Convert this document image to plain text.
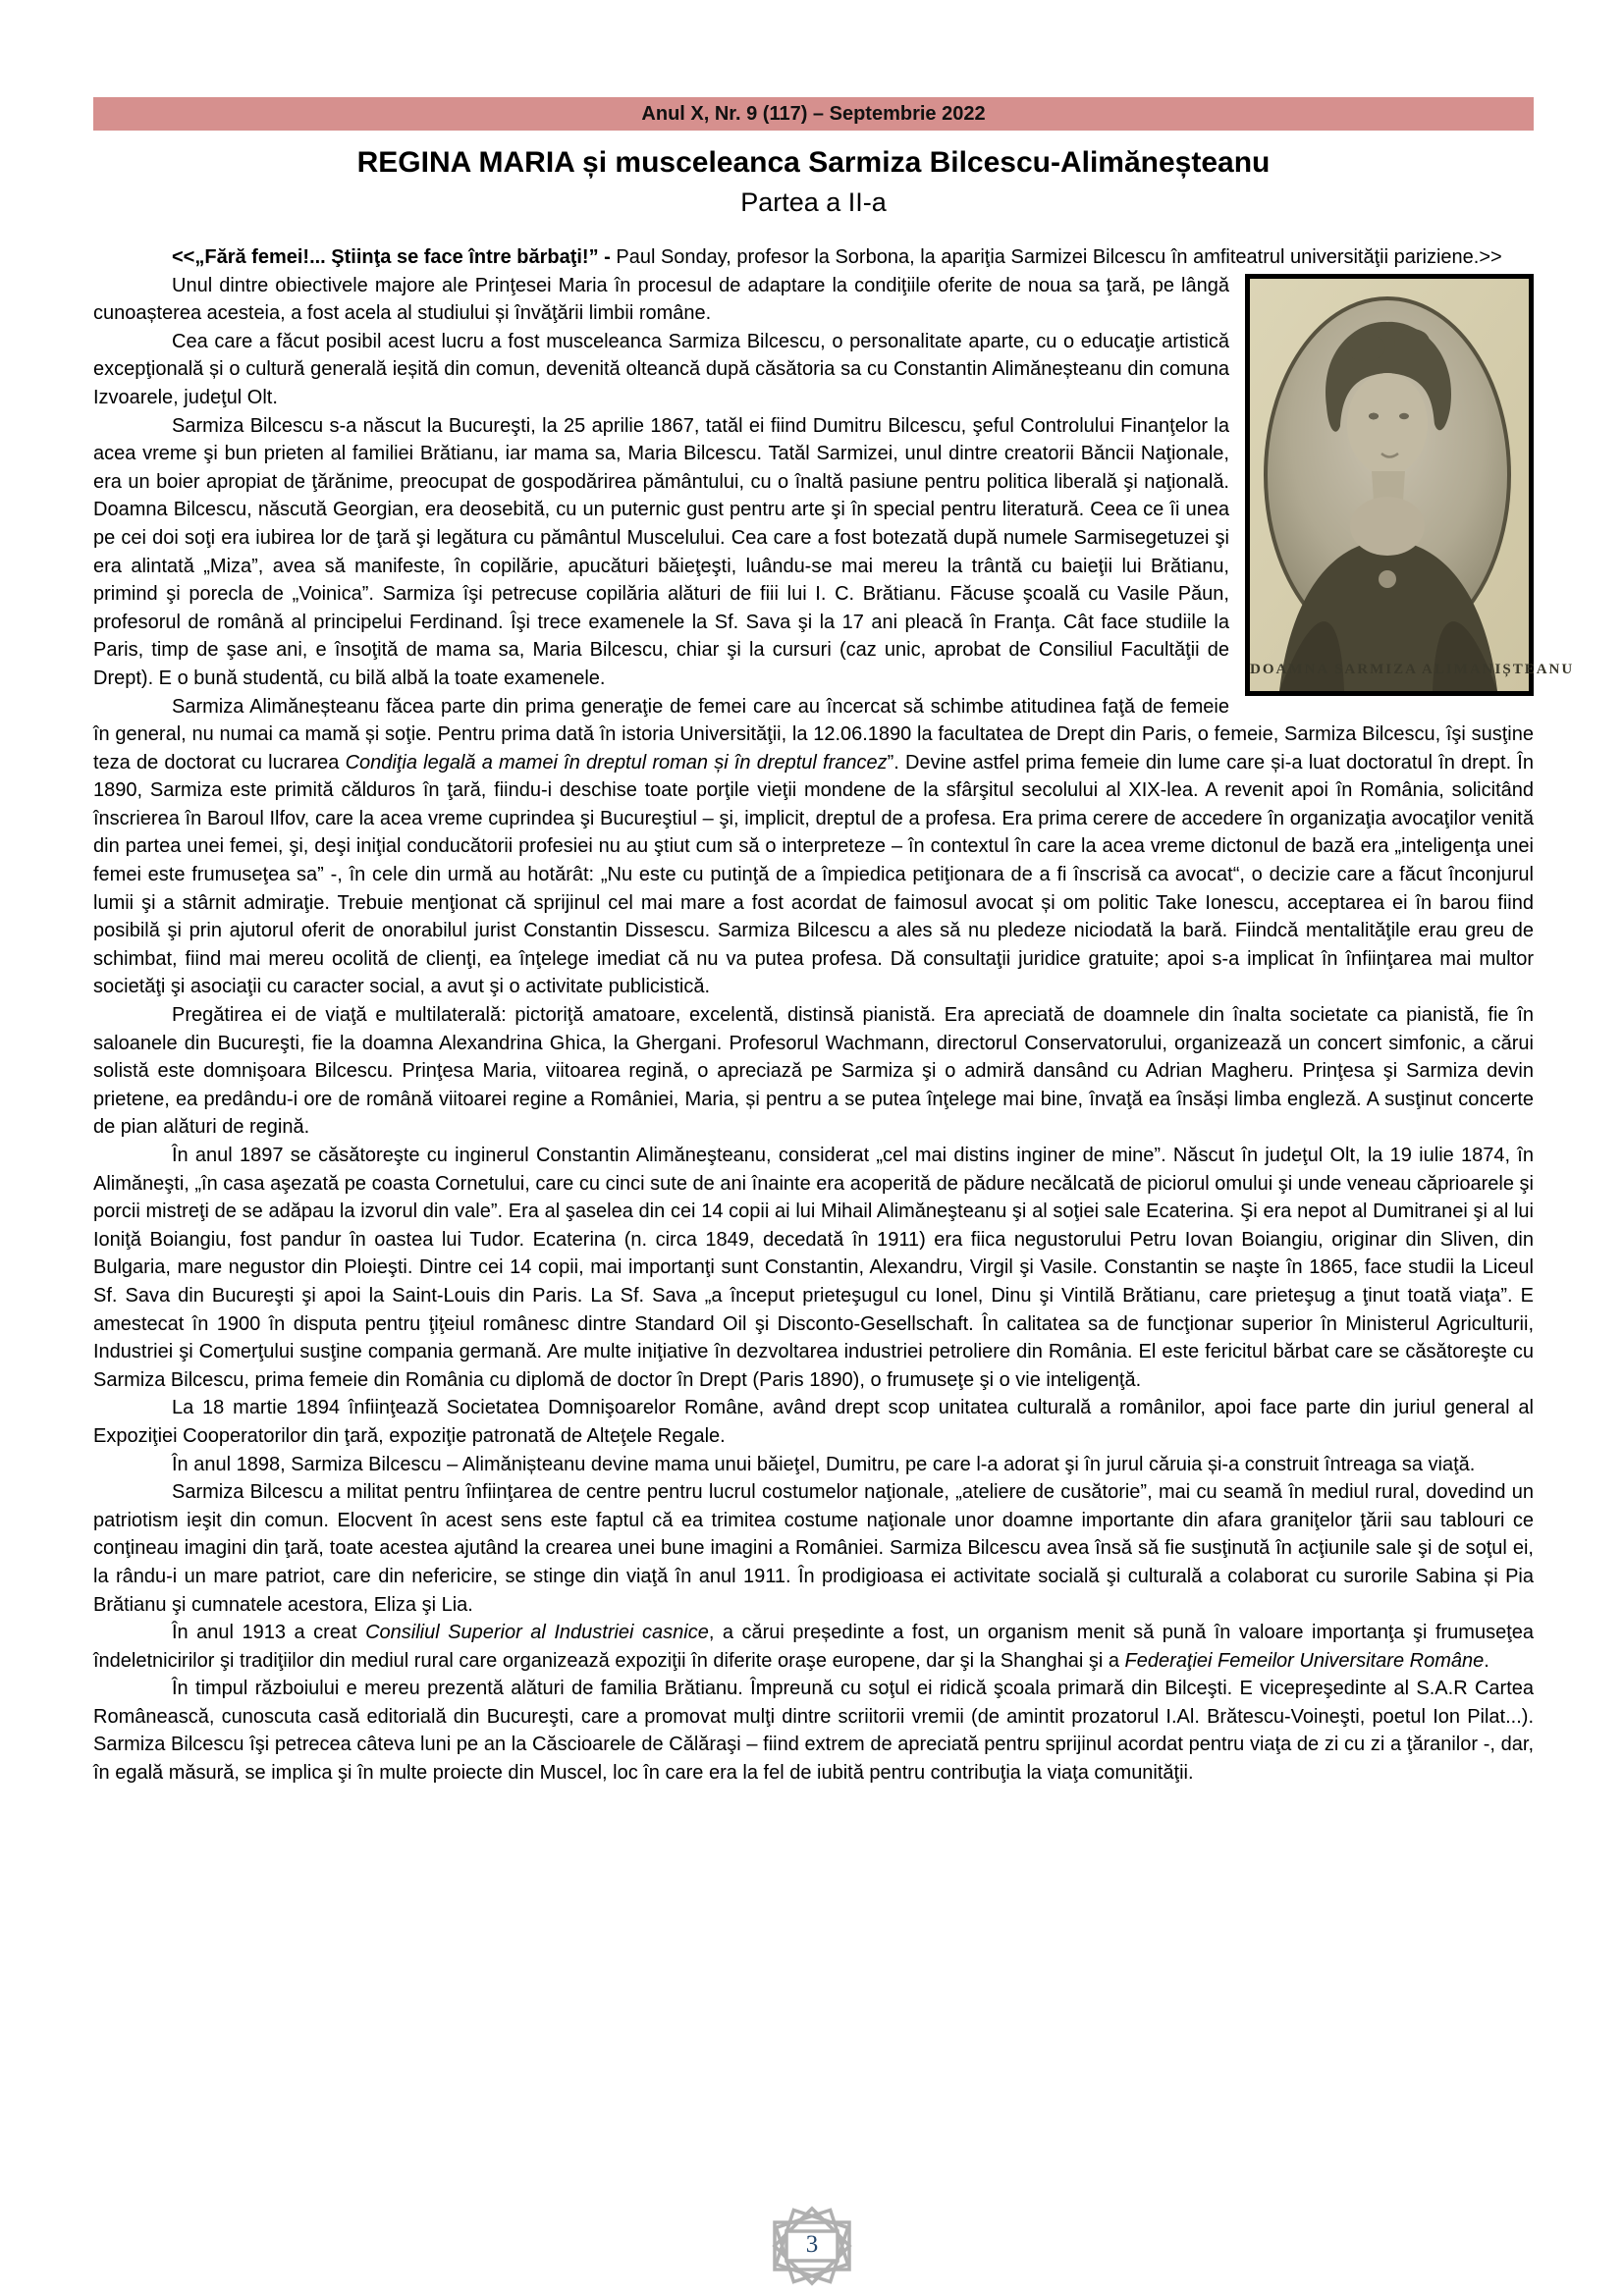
Anul X, Nr. 9 (117) – Septembrie 2022
REGINA MARIA și musceleanca Sarmiza Bilcescu-Alimăneșteanu
Partea a II-a

<<„Fără femei!... Ştiinţa se face între bărbaţi!” - Paul Sonday, profesor la Sorbona, la apariţia Sarmizei Bilcescu în amfiteatrul universităţii pariziene.>>

DOAMNA SARMIZA ALIMANIȘTEANU

Unul dintre obiectivele majore ale Prinţesei Maria în procesul de adaptare la condiţiile oferite de noua sa ţară, pe lângă cunoașterea acesteia, a fost acela al studiului și învăţării limbii române.

Cea care a făcut posibil acest lucru a fost musceleanca Sarmiza Bilcescu, o personalitate aparte, cu o educaţie artistică excepţională și o cultură generală ieșită din comun, devenită olteancă după căsătoria sa cu Constantin Alimăneșteanu din comuna Izvoarele, judeţul Olt.

Sarmiza Bilcescu s-a născut la Bucureşti, la 25 aprilie 1867, tatăl ei fiind Dumitru Bilcescu, şeful Controlului Finanţelor la acea vreme şi bun prieten al familiei Brătianu, iar mama sa, Maria Bilcescu. Tatăl Sarmizei, unul dintre creatorii Băncii Naţionale, era un boier apropiat de ţărănime, preocupat de gospodărirea pământului, cu o înaltă pasiune pentru politica liberală şi naţională. Doamna Bilcescu, născută Georgian, era deosebită, cu un puternic gust pentru arte şi în special pentru literatură. Ceea ce îi unea pe cei doi soţi era iubirea lor de ţară şi legătura cu pământul Muscelului. Cea care a fost botezată după numele Sarmisegetuzei şi era alintată „Miza”, avea să manifeste, în copilărie, apucături băieţeşti, luându-se mai mereu la trântă cu baieţii lui Brătianu, primind şi porecla de „Voinica”. Sarmiza îşi petrecuse copilăria alături de fiii lui I. C. Brătianu. Făcuse şcoală cu Vasile Păun, profesorul de română al principelui Ferdinand. Îşi trece examenele la Sf. Sava şi la 17 ani pleacă în Franţa. Cât face studiile la Paris, timp de şase ani, e însoţită de mama sa, Maria Bilcescu, chiar şi la cursuri (caz unic, aprobat de Consiliul Facultăţii de Drept). E o bună studentă, cu bilă albă la toate examenele.

Sarmiza Alimăneșteanu făcea parte din prima generaţie de femei care au încercat să schimbe atitudinea faţă de femeie în general, nu numai ca mamă și soţie. Pentru prima dată în istoria Universităţii, la 12.06.1890 la facultatea de Drept din Paris, o femeie, Sarmiza Bilcescu, îşi susţine teza de doctorat cu lucrarea Condiţia legală a mamei în dreptul roman și în dreptul francez”. Devine astfel prima femeie din lume care și-a luat doctoratul în drept. În 1890, Sarmiza este primită călduros în ţară, fiindu-i deschise toate porţile vieţii mondene de la sfârşitul secolului al XIX-lea. A revenit apoi în România, solicitând înscrierea în Baroul Ilfov, care la acea vreme cuprindea şi Bucureştiul – şi, implicit, dreptul de a profesa. Era prima cerere de accedere în organizaţia avocaţilor venită din partea unei femei, şi, deşi iniţial conducătorii profesiei nu au ştiut cum să o interpreteze – în contextul în care la acea vreme dictonul de bază era „inteligenţa unei femei este frumuseţea sa” -, în cele din urmă au hotărât: „Nu este cu putinţă de a împiedica petiţionara de a fi înscrisă ca avocat“, o decizie care a făcut înconjurul lumii şi a stârnit admiraţie. Trebuie menţionat că sprijinul cel mai mare a fost acordat de faimosul avocat și om politic Take Ionescu, acceptarea ei în barou fiind posibilă şi prin ajutorul oferit de onorabilul jurist Constantin Dissescu. Sarmiza Bilcescu a ales să nu pledeze niciodată la bară. Fiindcă mentalităţile erau greu de schimbat, fiind mai mereu ocolită de clienţi, ea înţelege imediat că nu va putea profesa. Dă consultaţii juridice gratuite; apoi s-a implicat în înfiinţarea mai multor societăţi şi asociaţii cu caracter social, a avut şi o activitate publicistică.

Pregătirea ei de viaţă e multilaterală: pictoriţă amatoare, excelentă, distinsă pianistă. Era apreciată de doamnele din înalta societate ca pianistă, fie în saloanele din Bucureşti, fie la doamna Alexandrina Ghica, la Ghergani. Profesorul Wachmann, directorul Conservatorului, organizează un concert simfonic, a cărui solistă este domnişoara Bilcescu. Prinţesa Maria, viitoarea regină, o apreciază pe Sarmiza şi o admiră dansând cu Adrian Magheru. Prinţesa şi Sarmiza devin prietene, ea predându-i ore de română viitoarei regine a României, Maria, și pentru a se putea înţelege mai bine, învaţă ea însăși limba engleză. A susţinut concerte de pian alături de regină.

În anul 1897 se căsătoreşte cu inginerul Constantin Alimăneşteanu, considerat „cel mai distins inginer de mine”. Născut în judeţul Olt, la 19 iulie 1874, în Alimăneşti, „în casa aşezată pe coasta Cornetului, care cu cinci sute de ani înainte era acoperită de pădure necălcată de piciorul omului şi unde veneau căprioarele şi porcii mistreţi de se adăpau la izvorul din vale”. Era al şaselea din cei 14 copii ai lui Mihail Alimăneşteanu şi al soţiei sale Ecaterina. Şi era nepot al Dumitranei şi al lui Ioniţă Boiangiu, fost pandur în oastea lui Tudor. Ecaterina (n. circa 1849, decedată în 1911) era fiica negustorului Petru Iovan Boiangiu, originar din Sliven, din Bulgaria, mare negustor din Ploieşti. Dintre cei 14 copii, mai importanţi sunt Constantin, Alexandru, Virgil şi Vasile. Constantin se naşte în 1865, face studii la Liceul Sf. Sava din Bucureşti şi apoi la Saint-Louis din Paris. La Sf. Sava „a început prieteşugul cu Ionel, Dinu şi Vintilă Brătianu, care prieteşug a ţinut toată viaţa”. E amestecat în 1900 în disputa pentru ţiţeiul românesc dintre Standard Oil şi Disconto-Gesellschaft. În calitatea sa de funcţionar superior în Ministerul Agriculturii, Industriei şi Comerţului susţine compania germană. Are multe iniţiative în dezvoltarea industriei petroliere din România. El este fericitul bărbat care se căsătoreşte cu Sarmiza Bilcescu, prima femeie din România cu diplomă de doctor în Drept (Paris 1890), o frumuseţe şi o vie inteligenţă.

La 18 martie 1894 înfiinţează Societatea Domnişoarelor Române, având drept scop unitatea culturală a românilor, apoi face parte din juriul general al Expoziţiei Cooperatorilor din ţară, expoziţie patronată de Alteţele Regale.

În anul 1898, Sarmiza Bilcescu – Alimănișteanu devine mama unui băieţel, Dumitru, pe care l-a adorat şi în jurul căruia și-a construit întreaga sa viaţă.

Sarmiza Bilcescu a militat pentru înfiinţarea de centre pentru lucrul costumelor naţionale, „ateliere de cusătorie”, mai cu seamă în mediul rural, dovedind un patriotism ieşit din comun. Elocvent în acest sens este faptul că ea trimitea costume naţionale unor doamne importante din afara graniţelor ţării sau tablouri ce conţineau imagini din ţară, toate acestea ajutând la crearea unei bune imagini a României. Sarmiza Bilcescu avea însă să fie susţinută în acţiunile sale şi de soţul ei, la rându-i un mare patriot, care din nefericire, se stinge din viaţă în anul 1911. În prodigioasa ei activitate socială şi culturală a colaborat cu surorile Sabina și Pia Brătianu şi cumnatele acestora, Eliza şi Lia.

În anul 1913 a creat Consiliul Superior al Industriei casnice, a cărui președinte a fost, un organism menit să pună în valoare importanţa şi frumuseţea îndeletnicirilor şi tradiţiilor din mediul rural care organizează expoziţii în diferite oraşe europene, dar şi la Shanghai şi a Federaţiei Femeilor Universitare Române.

În timpul războiului e mereu prezentă alături de familia Brătianu. Împreună cu soţul ei ridică şcoala primară din Bilceşti. E vicepreşedinte al S.A.R Cartea Românească, cunoscuta casă editorială din Bucureşti, care a promovat mulţi dintre scriitorii vremii (de amintit prozatorul I.Al. Brătescu-Voineşti, poetul Ion Pilat...). Sarmiza Bilcescu îşi petrecea câteva luni pe an la Căscioarele de Călăraşi – fiind extrem de apreciată pentru sprijinul acordat pentru viaţa de zi cu zi a ţăranilor -, dar, în egală măsură, se implica şi în multe proiecte din Muscel, loc în care era la fel de iubită pentru contribuţia la viaţa comunităţii.

3
